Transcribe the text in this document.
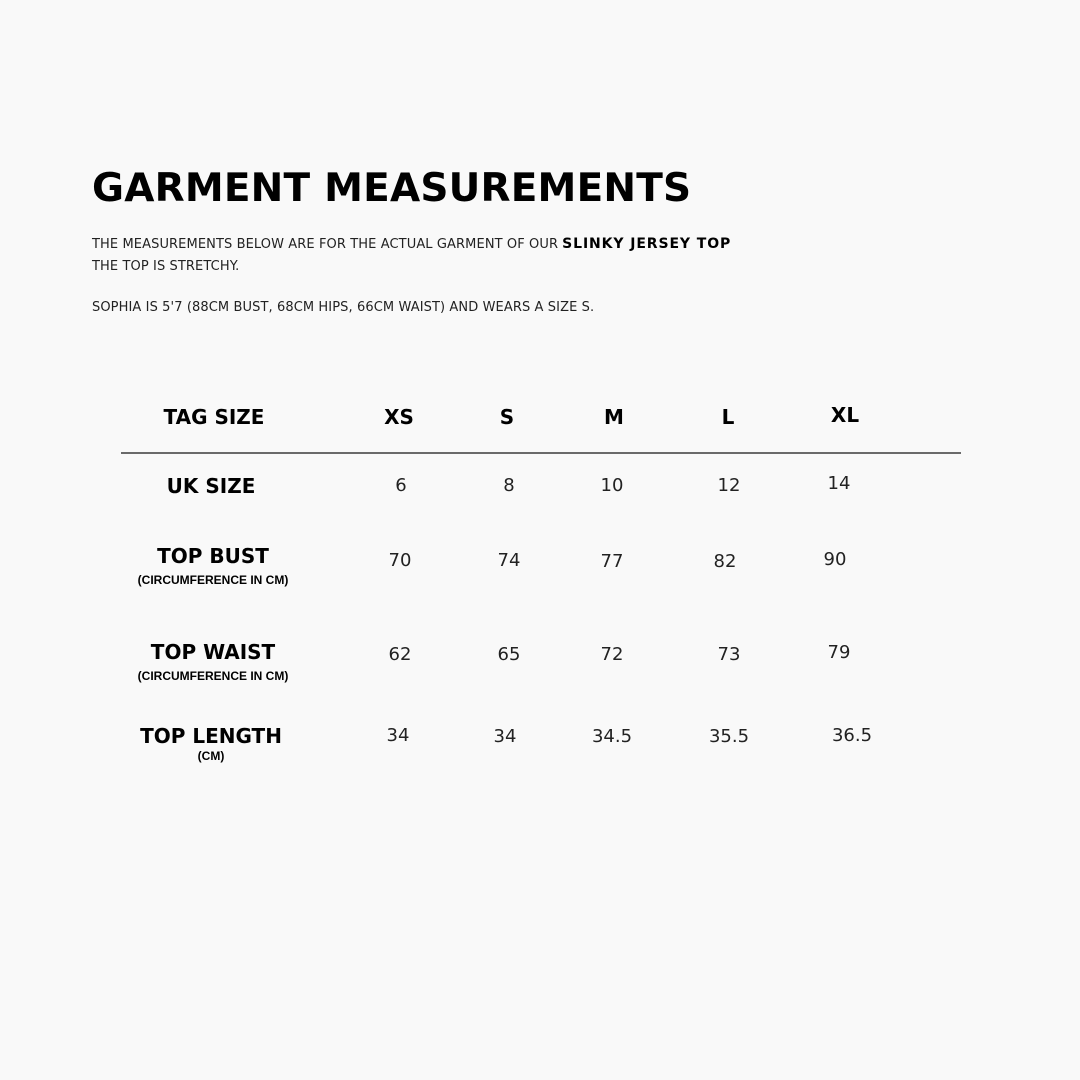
GARMENT MEASUREMENTS

THE MEASUREMENTS BELOW ARE FOR THE ACTUAL GARMENT OF OUR SLINKY JERSEY TOP

THE TOP IS STRETCHY.

SOPHIA IS 5'7 (88CM BUST, 68CM HIPS, 66CM WAIST) AND WEARS A SIZE S.

TAG SIZE	XS	S	M	L	XL
UK SIZE	6	8	10	12	14
TOP BUST
(CIRCUMFERENCE IN CM)
70	74	77	82	90
TOP WAIST
(CIRCUMFERENCE IN CM)
62	65	72	73	79
TOP LENGTH
(CM)
34	34	34.5	35.5	36.5
